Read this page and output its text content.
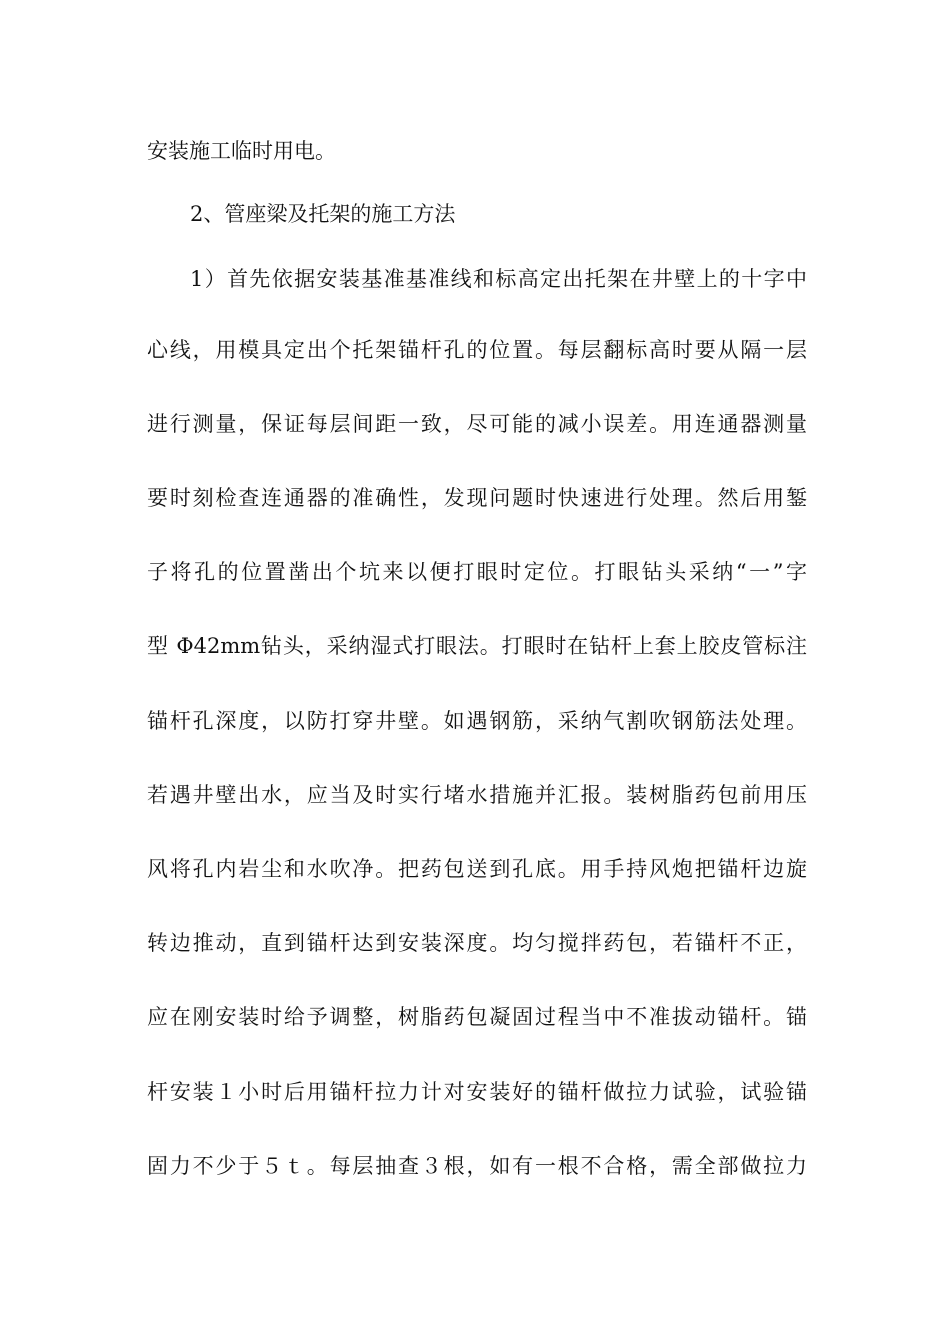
安装施工临时用电。
2、管座梁及托架的施工方法
1）首先依据安装基准基准线和标高定出托架在井壁上的十字中
心线，用模具定出个托架锚杆孔的位置。每层翻标高时要从隔一层
进行测量，保证每层间距一致，尽可能的减小误差。用连通器测量
要时刻检查连通器的准确性，发现问题时快速进行处理。然后用錾
子将孔的位置凿出个坑来以便打眼时定位。打眼钻头采纳“一”字
型 Φ42mm钻头，采纳湿式打眼法。打眼时在钻杆上套上胶皮管标注
锚杆孔深度，以防打穿井壁。如遇钢筋，采纳气割吹钢筋法处理。
若遇井壁出水，应当及时实行堵水措施并汇报。装树脂药包前用压
风将孔内岩尘和水吹净。把药包送到孔底。用手持风炮把锚杆边旋
转边推动，直到锚杆达到安装深度。均匀搅拌药包，若锚杆不正，
应在刚安装时给予调整，树脂药包凝固过程当中不准拔动锚杆。锚
杆安装１小时后用锚杆拉力计对安装好的锚杆做拉力试验，试验锚
固力不少于５ｔ。每层抽查３根，如有一根不合格，需全部做拉力
